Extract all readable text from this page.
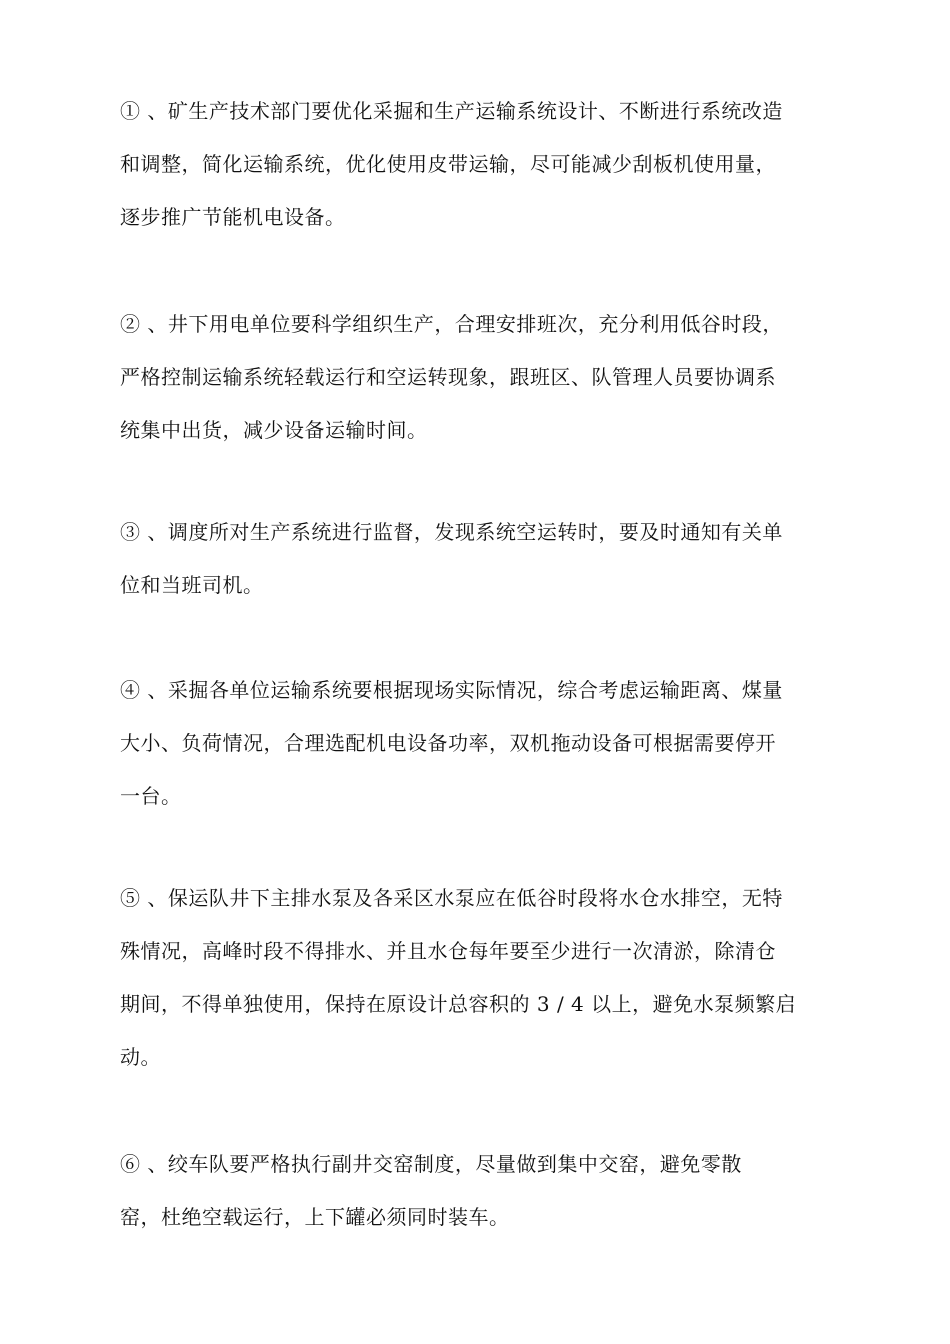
① 、矿生产技术部门要优化采掘和生产运输系统设计、不断进行系统改造
和调整，简化运输系统，优化使用皮带运输，尽可能减少刮板机使用量，
逐步推广节能机电设备。

② 、井下用电单位要科学组织生产，合理安排班次，充分利用低谷时段，
严格控制运输系统轻载运行和空运转现象，跟班区、队管理人员要协调系
统集中出货，减少设备运输时间。

③ 、调度所对生产系统进行监督，发现系统空运转时，要及时通知有关单
位和当班司机。

④ 、采掘各单位运输系统要根据现场实际情况，综合考虑运输距离、煤量
大小、负荷情况，合理选配机电设备功率，双机拖动设备可根据需要停开
一台。

⑤ 、保运队井下主排水泵及各采区水泵应在低谷时段将水仓水排空，无特
殊情况，高峰时段不得排水、并且水仓每年要至少进行一次清淤，除清仓
期间，不得单独使用，保持在原设计总容积的 3 / 4 以上，避免水泵频繁启
动。

⑥ 、绞车队要严格执行副井交窑制度，尽量做到集中交窑，避免零散
窑，杜绝空载运行，上下罐必须同时装车。
